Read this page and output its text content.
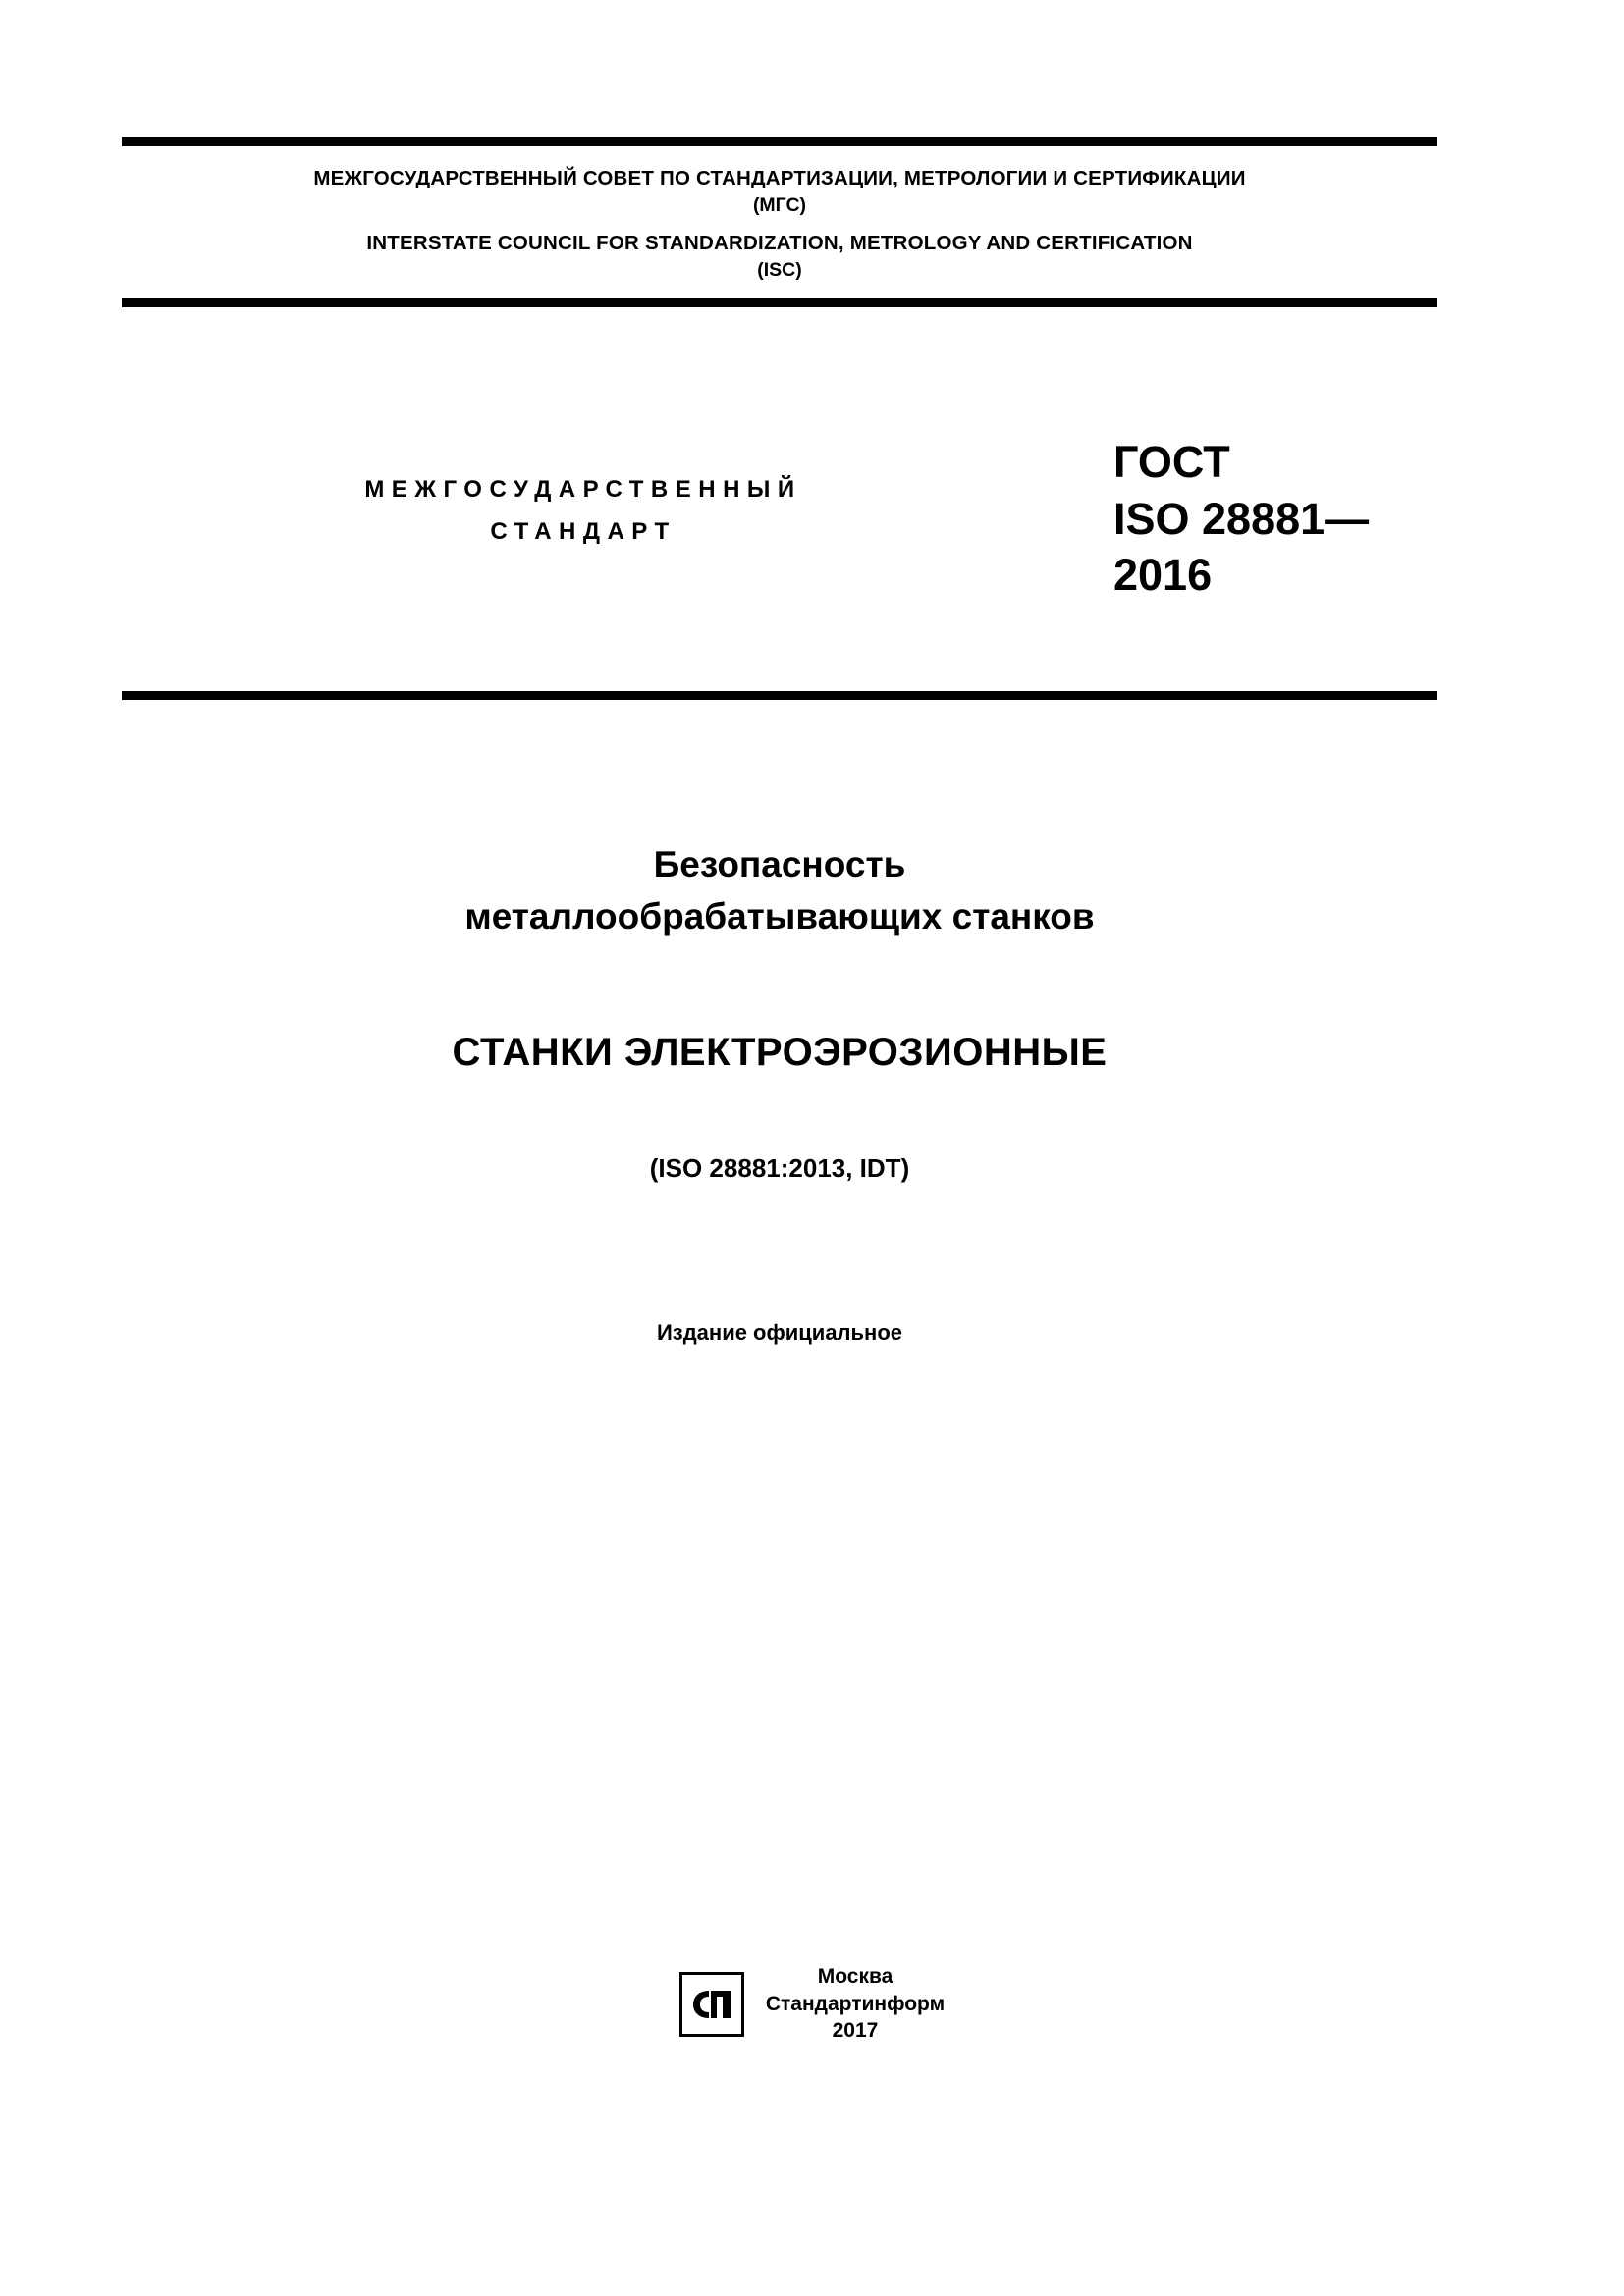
МЕЖГОСУДАРСТВЕННЫЙ СОВЕТ ПО СТАНДАРТИЗАЦИИ, МЕТРОЛОГИИ И СЕРТИФИКАЦИИ
(МГС)
INTERSTATE COUNCIL FOR STANDARDIZATION, METROLOGY AND CERTIFICATION
(ISC)
МЕЖГОСУДАРСТВЕННЫЙ
СТАНДАРТ
ГОСТ
ISO 28881—
2016
Безопасность
металлообрабатывающих станков
СТАНКИ ЭЛЕКТРОЭРОЗИОННЫЕ
(ISO 28881:2013, IDT)
Издание официальное
Москва
Стандартинформ
2017
